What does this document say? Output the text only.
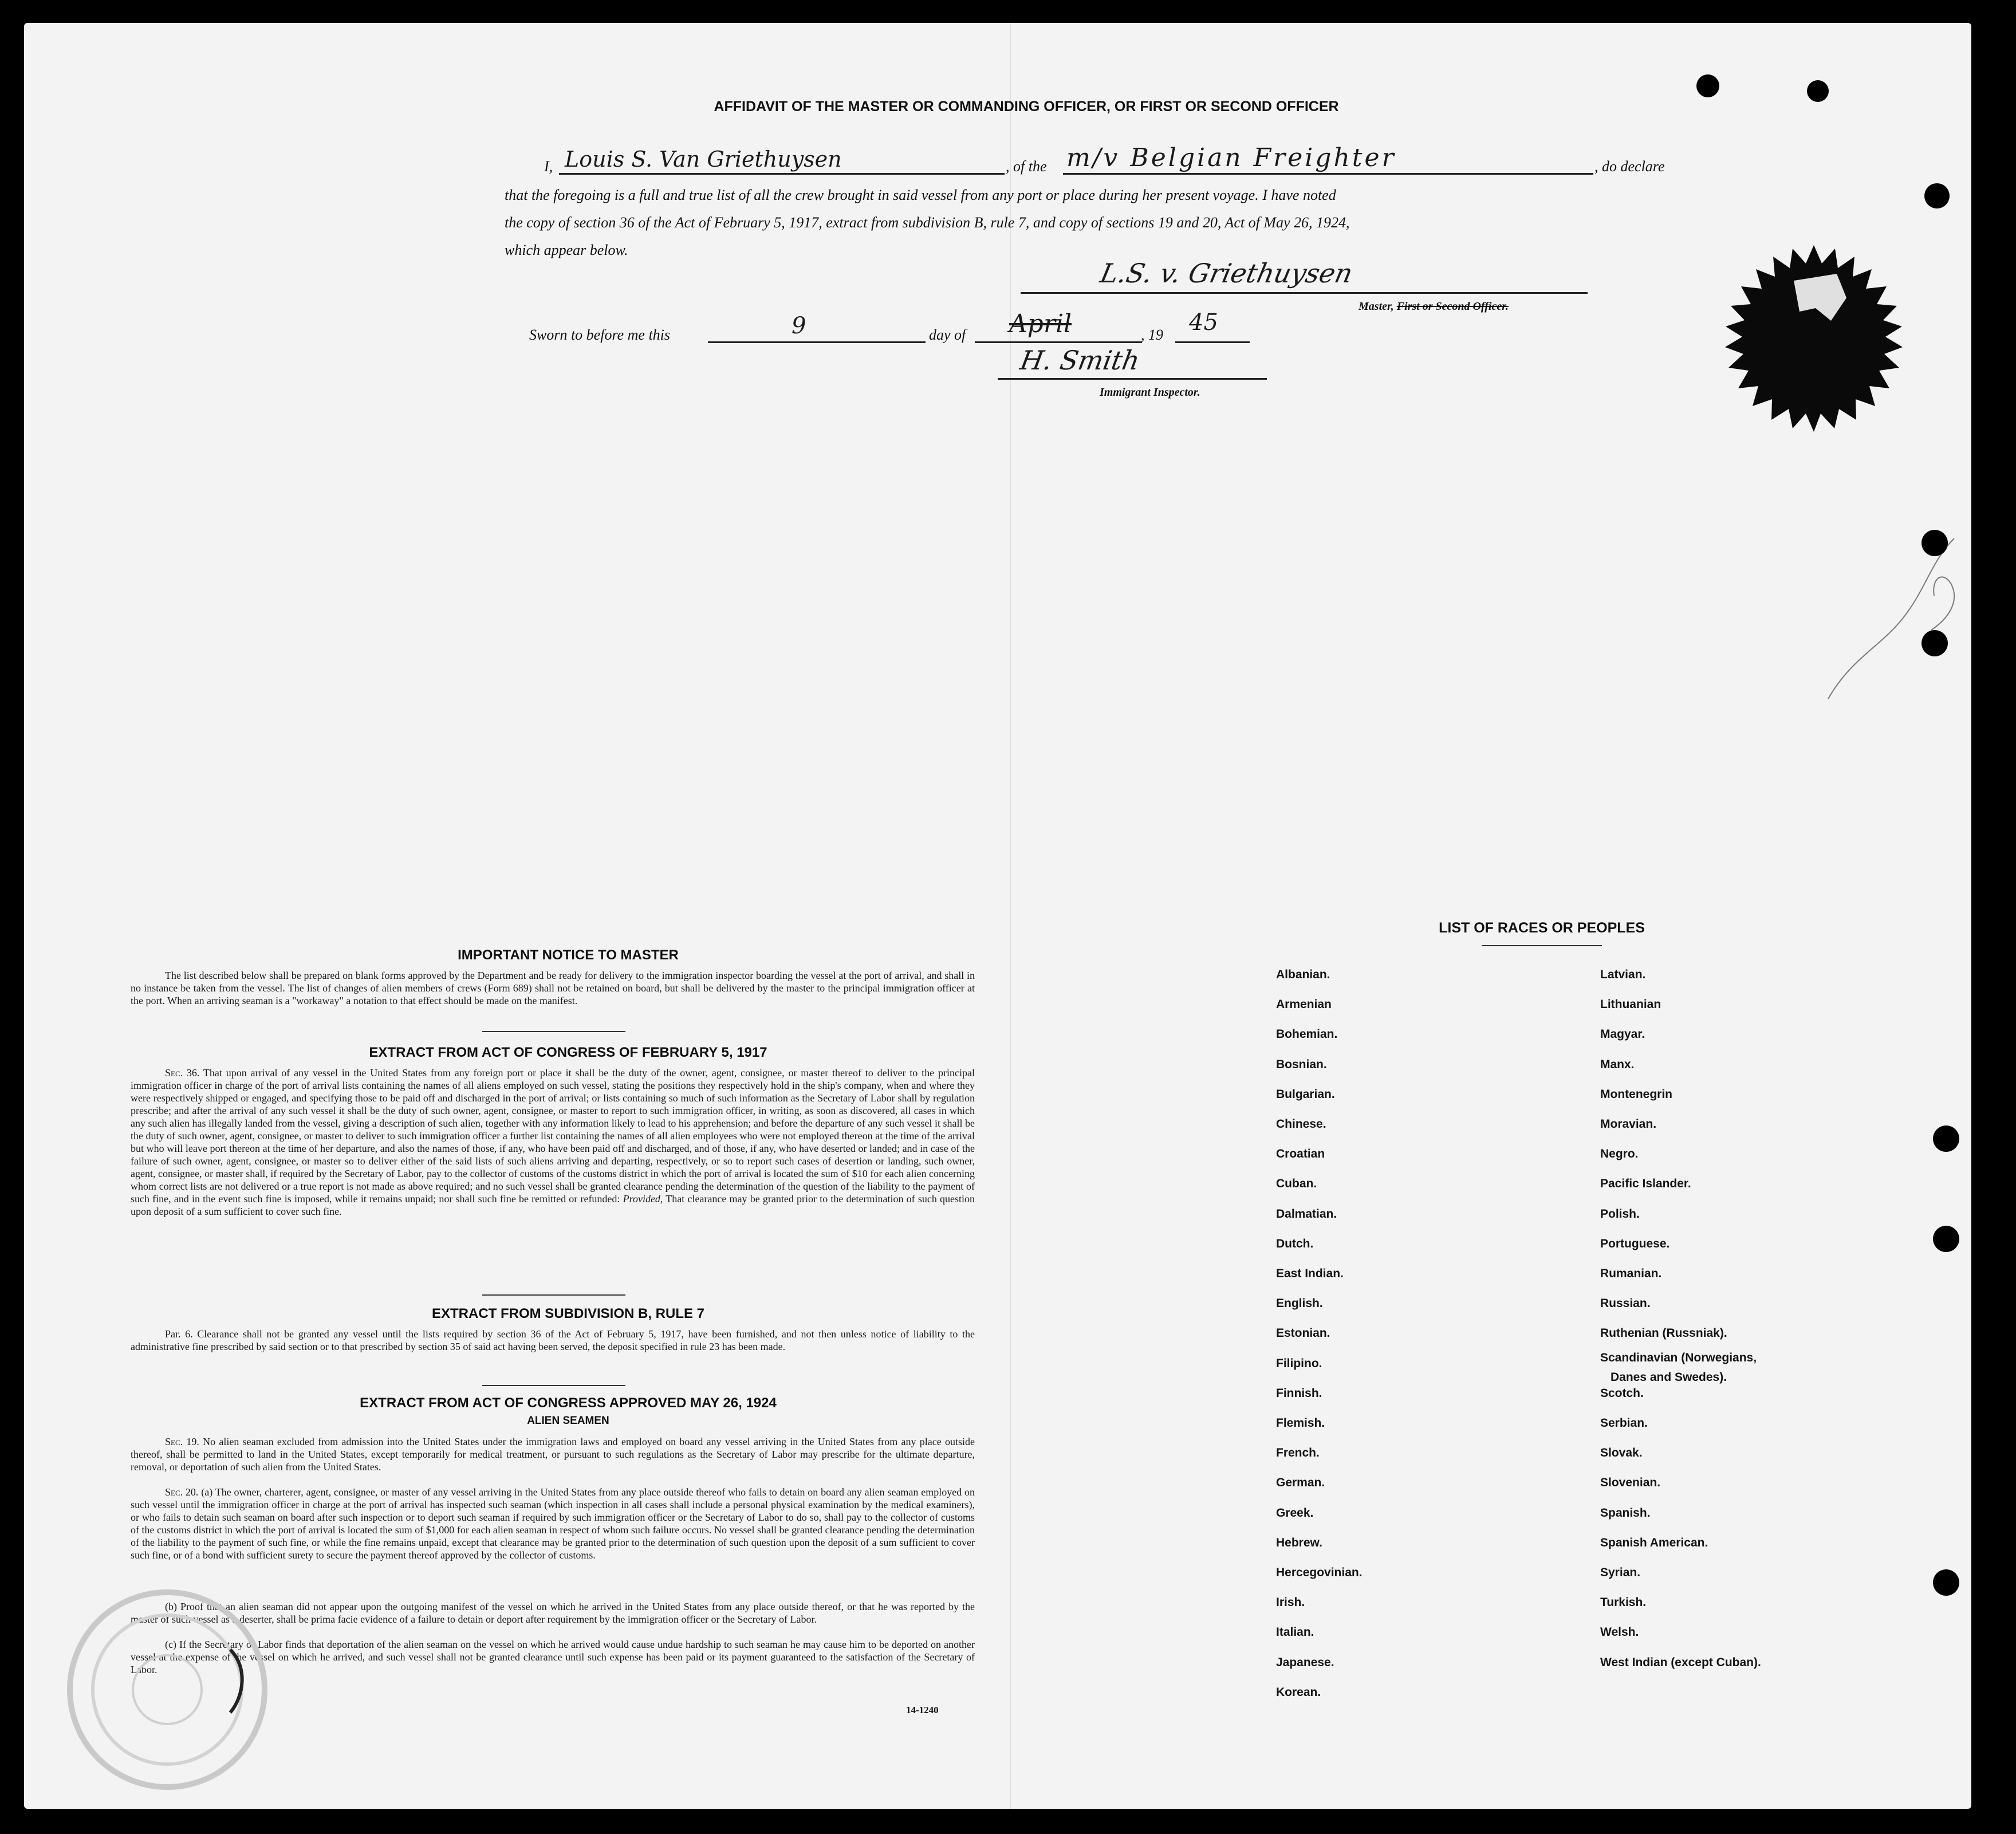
AFFIDAVIT OF THE MASTER OR COMMANDING OFFICER, OR FIRST OR SECOND OFFICER
I, Louis S. Van Griethuysen	, of the m/v Belgian Freighter	, do declare
that the foregoing is a full and true list of all the crew brought in said vessel from any port or place during her present voyage. I have noted
the copy of section 36 of the Act of February 5, 1917, extract from subdivision B, rule 7, and copy of sections 19 and 20, Act of May 26, 1924,
which appear below.
L.S. v. Griethuysen
Master, First or Second Officer.
Sworn to before me this	9	day of April	, 19 45
H. Smith
Immigrant Inspector.
IMPORTANT NOTICE TO MASTER
The list described below shall be prepared on blank forms approved by the Department and be ready for delivery to the immigration inspector boarding the vessel at the port of arrival, and shall in no instance be taken from the vessel. The list of changes of alien members of crews (Form 689) shall not be retained on board, but shall be delivered by the master to the principal immigration officer at the port. When an arriving seaman is a "workaway" a notation to that effect should be made on the manifest.
EXTRACT FROM ACT OF CONGRESS OF FEBRUARY 5, 1917
Sec. 36. That upon arrival of any vessel in the United States from any foreign port or place it shall be the duty of the owner, agent, consignee, or master thereof to deliver to the principal immigration officer in charge of the port of arrival lists containing the names of all aliens employed on such vessel, stating the positions they respectively hold in the ship's company, when and where they were respectively shipped or engaged, and specifying those to be paid off and discharged in the port of arrival; or lists containing so much of such information as the Secretary of Labor shall by regulation prescribe; and after the arrival of any such vessel it shall be the duty of such owner, agent, consignee, or master to report to such immigration officer, in writing, as soon as discovered, all cases in which any such alien has illegally landed from the vessel, giving a description of such alien, together with any information likely to lead to his apprehension; and before the departure of any such vessel it shall be the duty of such owner, agent, consignee, or master to deliver to such immigration officer a further list containing the names of all alien employees who were not employed thereon at the time of the arrival but who will leave port thereon at the time of her departure, and also the names of those, if any, who have been paid off and discharged, and of those, if any, who have deserted or landed; and in case of the failure of such owner, agent, consignee, or master so to deliver either of the said lists of such aliens arriving and departing, respectively, or so to report such cases of desertion or landing, such owner, agent, consignee, or master shall, if required by the Secretary of Labor, pay to the collector of customs of the customs district in which the port of arrival is located the sum of $10 for each alien concerning whom correct lists are not delivered or a true report is not made as above required; and no such vessel shall be granted clearance pending the determination of the question of the liability to the payment of such fine, and in the event such fine is imposed, while it remains unpaid; nor shall such fine be remitted or refunded: Provided, That clearance may be granted prior to the determination of such question upon deposit of a sum sufficient to cover such fine.
EXTRACT FROM SUBDIVISION B, RULE 7
Par. 6. Clearance shall not be granted any vessel until the lists required by section 36 of the Act of February 5, 1917, have been furnished, and not then unless notice of liability to the administrative fine prescribed by said section or to that prescribed by section 35 of said act having been served, the deposit specified in rule 23 has been made.
EXTRACT FROM ACT OF CONGRESS APPROVED MAY 26, 1924
ALIEN SEAMEN
Sec. 19. No alien seaman excluded from admission into the United States under the immigration laws and employed on board any vessel arriving in the United States from any place outside thereof, shall be permitted to land in the United States, except temporarily for medical treatment, or pursuant to such regulations as the Secretary of Labor may prescribe for the ultimate departure, removal, or deportation of such alien from the United States.
Sec. 20. (a) The owner, charterer, agent, consignee, or master of any vessel arriving in the United States from any place outside thereof who fails to detain on board any alien seaman employed on such vessel until the immigration officer in charge at the port of arrival has inspected such seaman (which inspection in all cases shall include a personal physical examination by the medical examiners), or who fails to detain such seaman on board after such inspection or to deport such seaman if required by such immigration officer or the Secretary of Labor to do so, shall pay to the collector of customs of the customs district in which the port of arrival is located the sum of $1,000 for each alien seaman in respect of whom such failure occurs. No vessel shall be granted clearance pending the determination of the liability to the payment of such fine, or while the fine remains unpaid, except that clearance may be granted prior to the determination of such question upon the deposit of a sum sufficient to cover such fine, or of a bond with sufficient surety to secure the payment thereof approved by the collector of customs.
(b) Proof that an alien seaman did not appear upon the outgoing manifest of the vessel on which he arrived in the United States from any place outside thereof, or that he was reported by the master of such vessel as a deserter, shall be prima facie evidence of a failure to detain or deport after requirement by the immigration officer or the Secretary of Labor.
(c) If the Secretary of Labor finds that deportation of the alien seaman on the vessel on which he arrived would cause undue hardship to such seaman he may cause him to be deported on another vessel at the expense of the vessel on which he arrived, and such vessel shall not be granted clearance until such expense has been paid or its payment guaranteed to the satisfaction of the Secretary of Labor.
14-1240
LIST OF RACES OR PEOPLES
Albanian.
Armenian
Bohemian.
Bosnian.
Bulgarian.
Chinese.
Croatian
Cuban.
Dalmatian.
Dutch.
East Indian.
English.
Estonian.
Filipino.
Finnish.
Flemish.
French.
German.
Greek.
Hebrew.
Hercegovinian.
Irish.
Italian.
Japanese.
Korean.
Latvian.
Lithuanian
Magyar.
Manx.
Montenegrin
Moravian.
Negro.
Pacific Islander.
Polish.
Portuguese.
Rumanian.
Russian.
Ruthenian (Russniak).
Scandinavian (Norwegians,
Danes and Swedes).
Scotch.
Serbian.
Slovak.
Slovenian.
Spanish.
Spanish American.
Syrian.
Turkish.
Welsh.
West Indian (except Cuban).
